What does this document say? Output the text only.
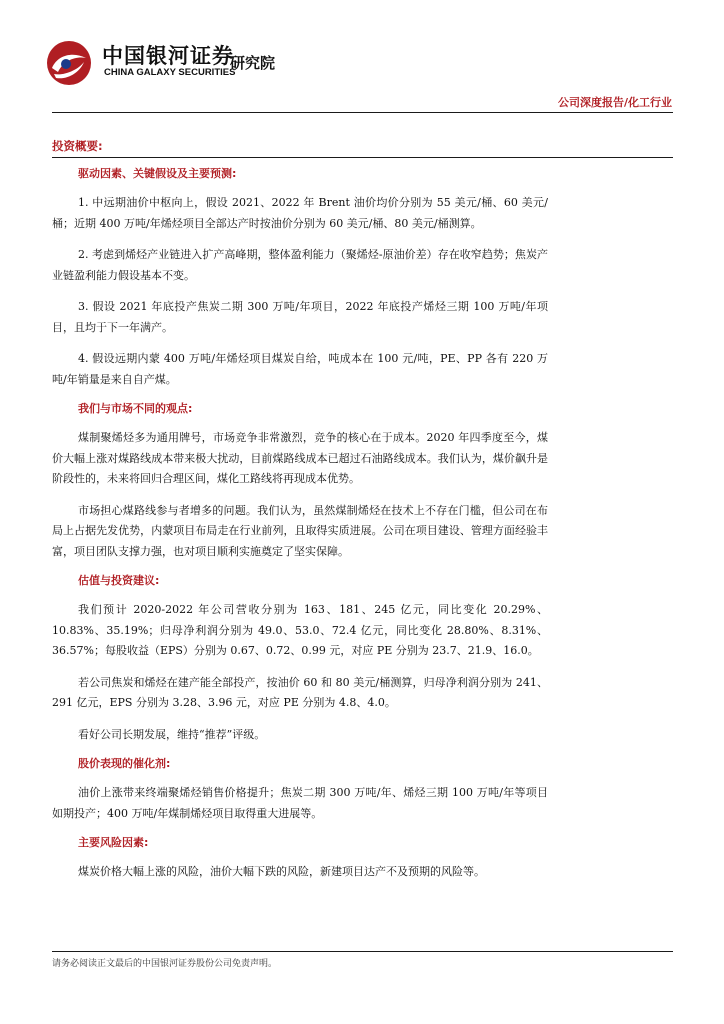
中国银河证券
CHINA GALAXY SECURITIES
研究院
公司深度报告/化工行业
投资概要:
驱动因素、关键假设及主要预测:
1. 中远期油价中枢向上，假设 2021、2022 年 Brent 油价均价分别为 55 美元/桶、60 美元/桶；近期 400 万吨/年烯烃项目全部达产时按油价分别为 60 美元/桶、80 美元/桶测算。
2. 考虑到烯烃产业链进入扩产高峰期，整体盈利能力（聚烯烃-原油价差）存在收窄趋势；焦炭产业链盈利能力假设基本不变。
3. 假设 2021 年底投产焦炭二期 300 万吨/年项目，2022 年底投产烯烃三期 100 万吨/年项目，且均于下一年满产。
4. 假设远期内蒙 400 万吨/年烯烃项目煤炭自给，吨成本在 100 元/吨，PE、PP 各有 220 万吨/年销量是来自自产煤。
我们与市场不同的观点:
煤制聚烯烃多为通用牌号，市场竞争非常激烈，竞争的核心在于成本。2020 年四季度至今，煤价大幅上涨对煤路线成本带来极大扰动，目前煤路线成本已超过石油路线成本。我们认为，煤价飙升是阶段性的，未来将回归合理区间，煤化工路线将再现成本优势。
市场担心煤路线参与者增多的问题。我们认为，虽然煤制烯烃在技术上不存在门槛，但公司在布局上占据先发优势，内蒙项目布局走在行业前列，且取得实质进展。公司在项目建设、管理方面经验丰富，项目团队支撑力强，也对项目顺利实施奠定了坚实保障。
估值与投资建议:
我们预计 2020-2022 年公司营收分别为 163、181、245 亿元，同比变化 20.29%、10.83%、35.19%；归母净利润分别为 49.0、53.0、72.4 亿元，同比变化 28.80%、8.31%、36.57%；每股收益（EPS）分别为 0.67、0.72、0.99 元，对应 PE 分别为 23.7、21.9、16.0。
若公司焦炭和烯烃在建产能全部投产，按油价 60 和 80 美元/桶测算，归母净利润分别为 241、291 亿元，EPS 分别为 3.28、3.96 元，对应 PE 分别为 4.8、4.0。
看好公司长期发展，维持“推荐”评级。
股价表现的催化剂:
油价上涨带来终端聚烯烃销售价格提升；焦炭二期 300 万吨/年、烯烃三期 100 万吨/年等项目如期投产；400 万吨/年煤制烯烃项目取得重大进展等。
主要风险因素:
煤炭价格大幅上涨的风险，油价大幅下跌的风险，新建项目达产不及预期的风险等。
请务必阅读正文最后的中国银河证券股份公司免责声明。
